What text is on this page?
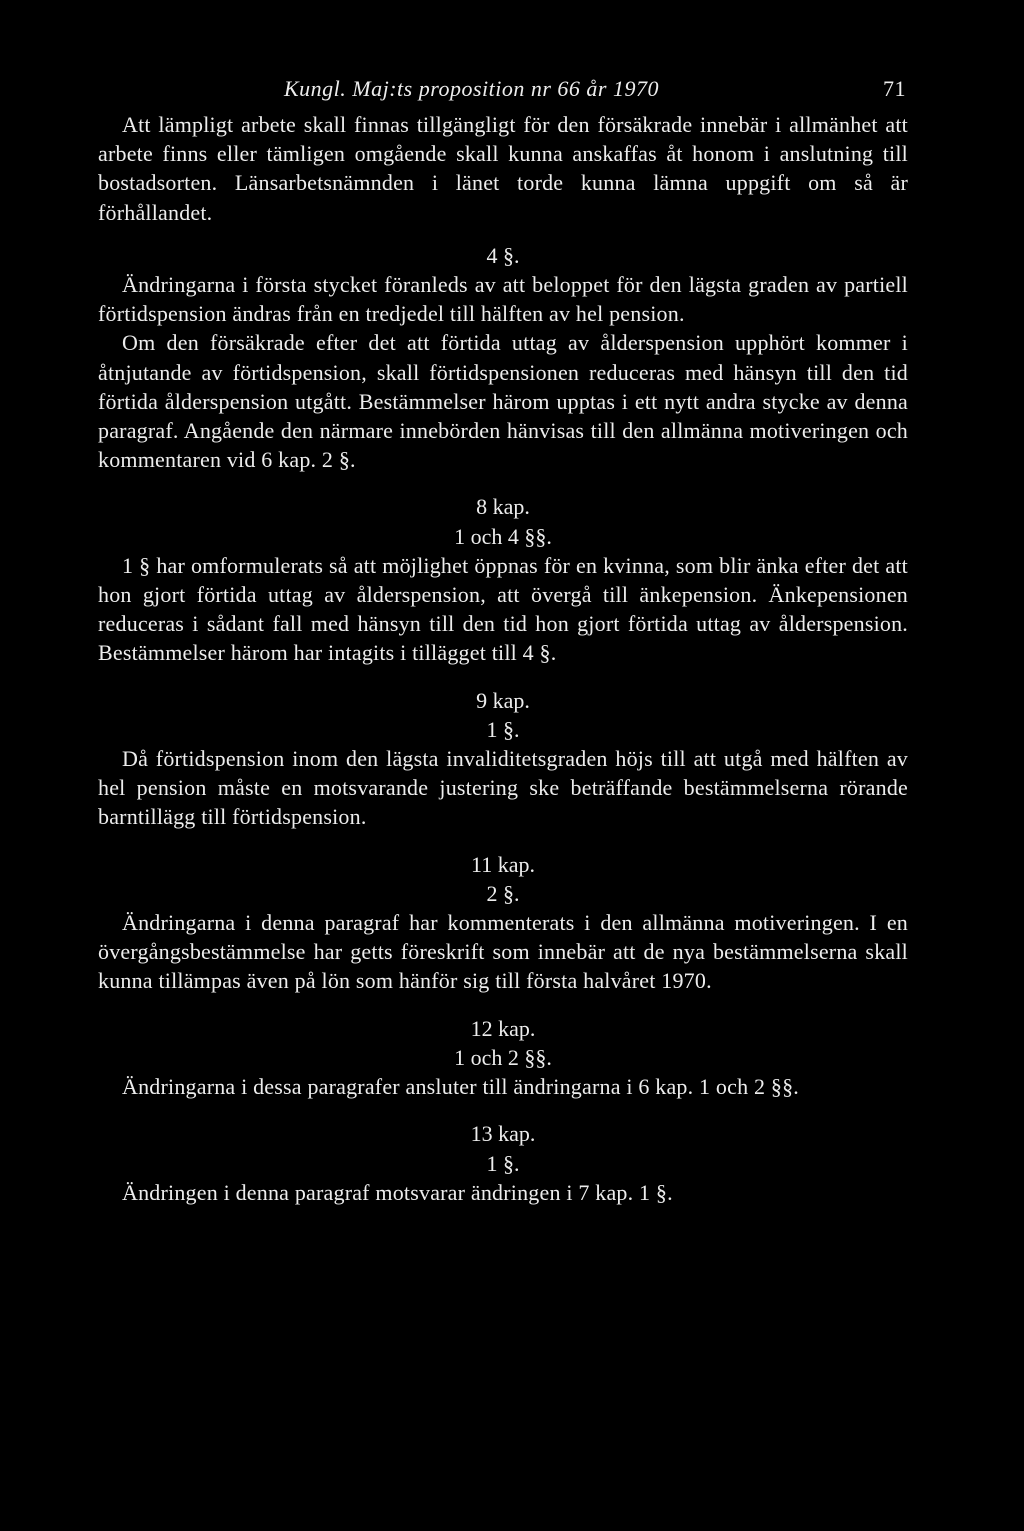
Kungl. Maj:ts proposition nr 66 år 1970	71

Att lämpligt arbete skall finnas tillgängligt för den försäkrade innebär i allmänhet att arbete finns eller tämligen omgående skall kunna anskaffas åt honom i anslutning till bostadsorten. Länsarbetsnämnden i länet torde kunna lämna uppgift om så är förhållandet.

4 §.

Ändringarna i första stycket föranleds av att beloppet för den lägsta graden av partiell förtidspension ändras från en tredjedel till hälften av hel pension.

Om den försäkrade efter det att förtida uttag av ålderspension upphört kommer i åtnjutande av förtidspension, skall förtidspensionen reduceras med hänsyn till den tid förtida ålderspension utgått. Bestämmelser härom upptas i ett nytt andra stycke av denna paragraf. Angående den närmare innebörden hänvisas till den allmänna motiveringen och kommentaren vid 6 kap. 2 §.

8 kap.
1 och 4 §§.

1 § har omformulerats så att möjlighet öppnas för en kvinna, som blir änka efter det att hon gjort förtida uttag av ålderspension, att övergå till änkepension. Änkepensionen reduceras i sådant fall med hänsyn till den tid hon gjort förtida uttag av ålderspension. Bestämmelser härom har intagits i tillägget till 4 §.

9 kap.
1 §.

Då förtidspension inom den lägsta invaliditetsgraden höjs till att utgå med hälften av hel pension måste en motsvarande justering ske beträffande bestämmelserna rörande barntillägg till förtidspension.

11 kap.
2 §.

Ändringarna i denna paragraf har kommenterats i den allmänna motiveringen. I en övergångsbestämmelse har getts föreskrift som innebär att de nya bestämmelserna skall kunna tillämpas även på lön som hänför sig till första halvåret 1970.

12 kap.
1 och 2 §§.

Ändringarna i dessa paragrafer ansluter till ändringarna i 6 kap. 1 och 2 §§.

13 kap.
1 §.

Ändringen i denna paragraf motsvarar ändringen i 7 kap. 1 §.
